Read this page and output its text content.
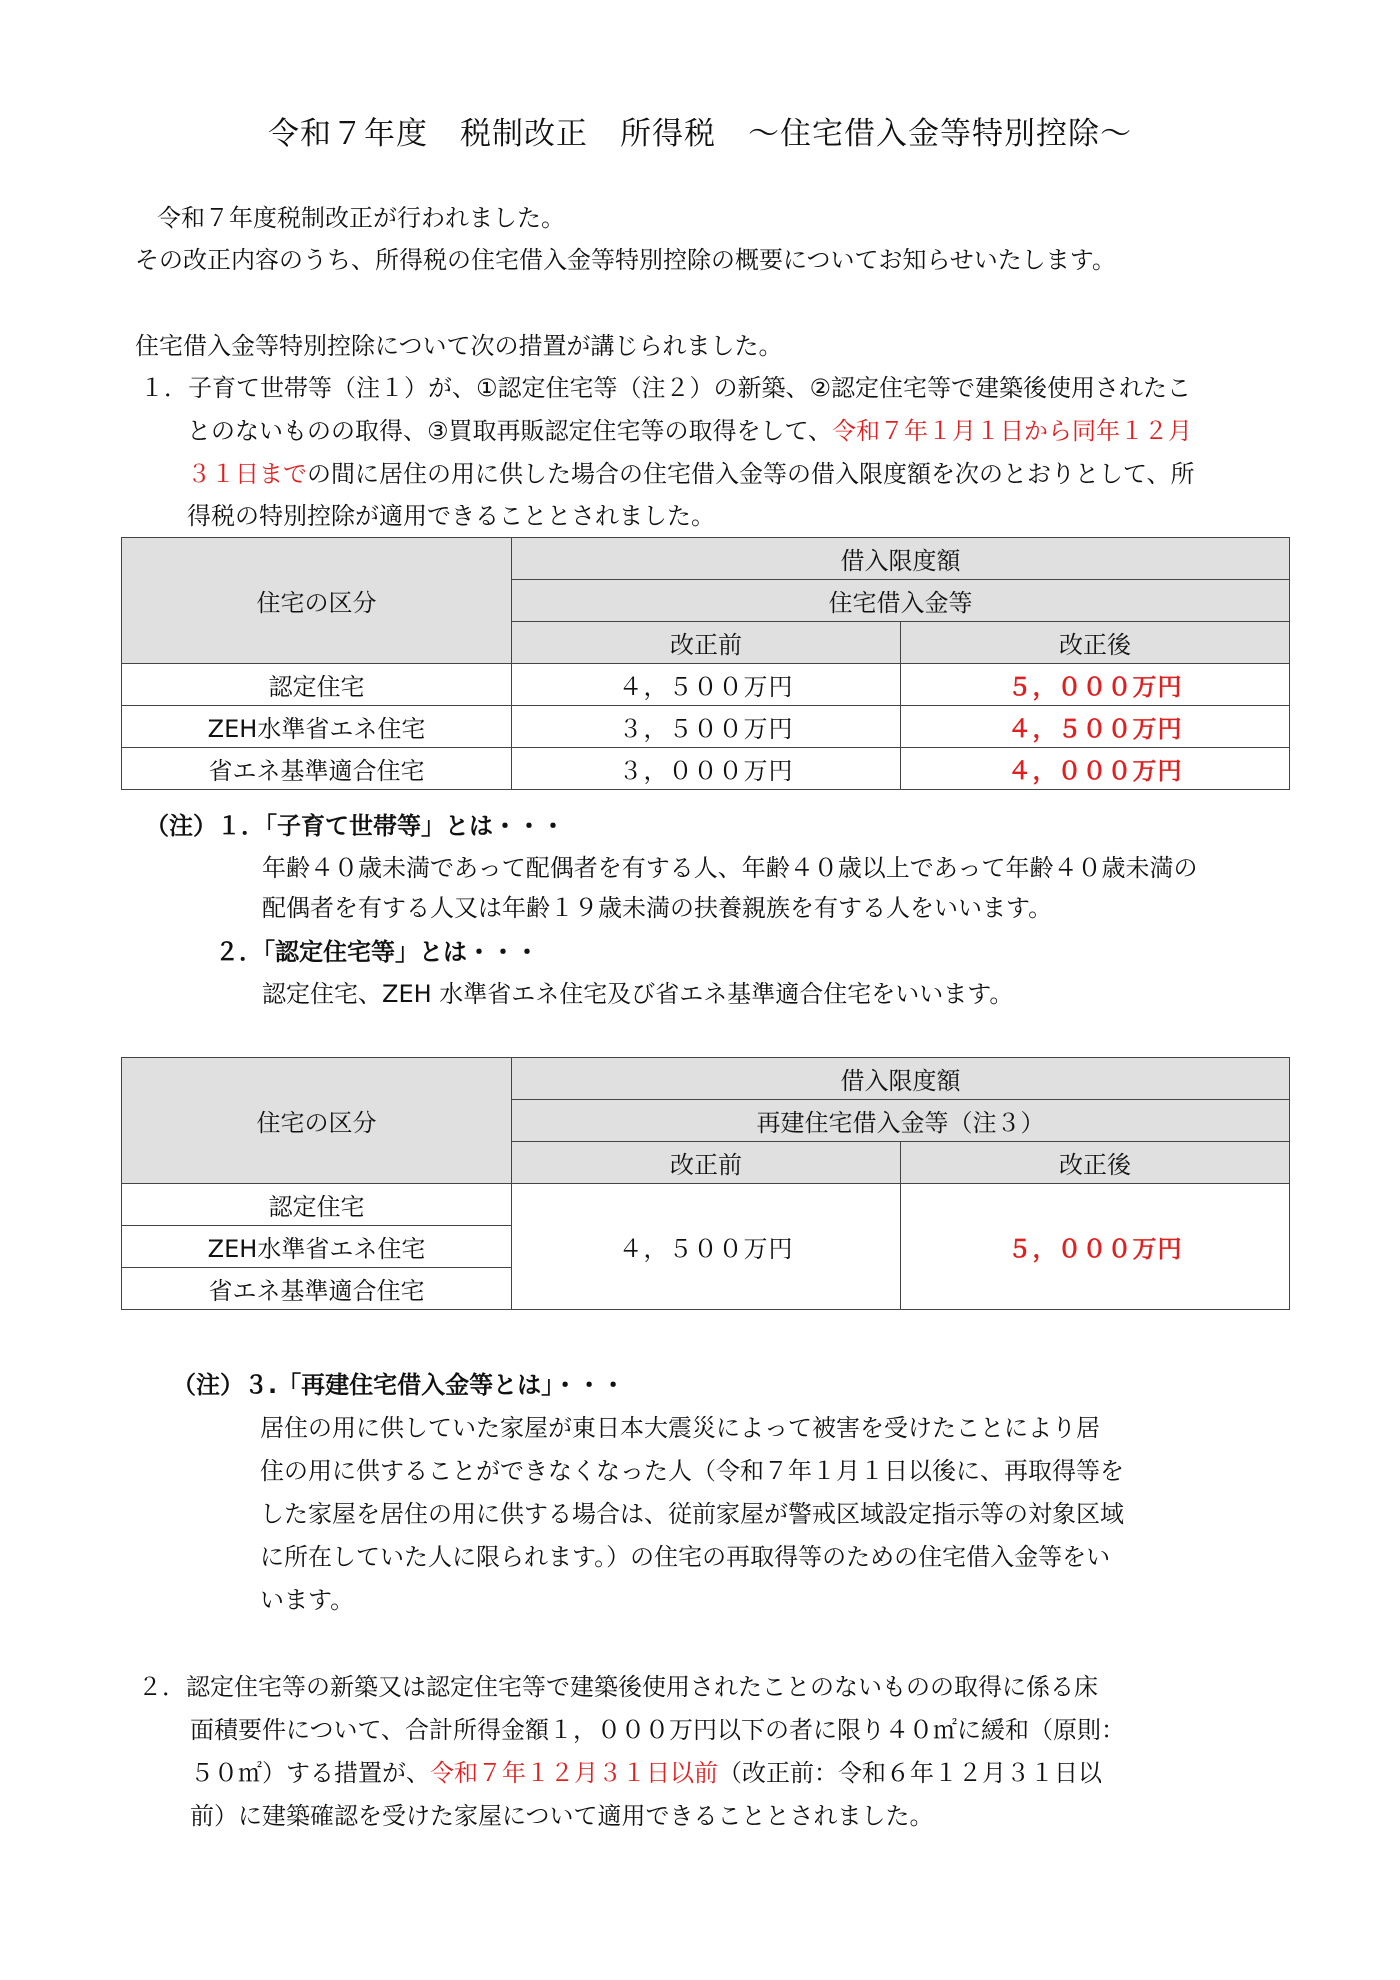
令和７年度　税制改正　所得税　～住宅借入金等特別控除～
令和７年度税制改正が行われました。
その改正内容のうち、所得税の住宅借入金等特別控除の概要についてお知らせいたします。
住宅借入金等特別控除について次の措置が講じられました。
１．子育て世帯等（注１）が、①認定住宅等（注２）の新築、②認定住宅等で建築後使用されたこ
とのないものの取得、③買取再販認定住宅等の取得をして、令和７年１月１日から同年１２月
３１日までの間に居住の用に供した場合の住宅借入金等の借入限度額を次のとおりとして、所
得税の特別控除が適用できることとされました。
住宅の区分	借入限度額	
	住宅借入金等	
	改正前	改正後
認定住宅	４，５００万円	５，０００万円
ZEH水準省エネ住宅	３，５００万円	４，５００万円
省エネ基準適合住宅	３，０００万円	４，０００万円
（注）１．「子育て世帯等」とは・・・
年齢４０歳未満であって配偶者を有する人、年齢４０歳以上であって年齢４０歳未満の
配偶者を有する人又は年齢１９歳未満の扶養親族を有する人をいいます。
２．「認定住宅等」とは・・・
認定住宅、ZEH 水準省エネ住宅及び省エネ基準適合住宅をいいます。
住宅の区分	借入限度額	
	再建住宅借入金等（注３）	
	改正前	改正後
認定住宅	４，５００万円	５，０００万円
ZEH水準省エネ住宅		
省エネ基準適合住宅		
（注）３.「再建住宅借入金等とは」・・・
居住の用に供していた家屋が東日本大震災によって被害を受けたことにより居
住の用に供することができなくなった人（令和７年１月１日以後に、再取得等を
した家屋を居住の用に供する場合は、従前家屋が警戒区域設定指示等の対象区域
に所在していた人に限られます。）の住宅の再取得等のための住宅借入金等をい
います。
２．認定住宅等の新築又は認定住宅等で建築後使用されたことのないものの取得に係る床
面積要件について、合計所得金額１，０００万円以下の者に限り４０㎡に緩和（原則：
５０㎡）する措置が、令和７年１２月３１日以前（改正前：令和６年１２月３１日以
前）に建築確認を受けた家屋について適用できることとされました。
